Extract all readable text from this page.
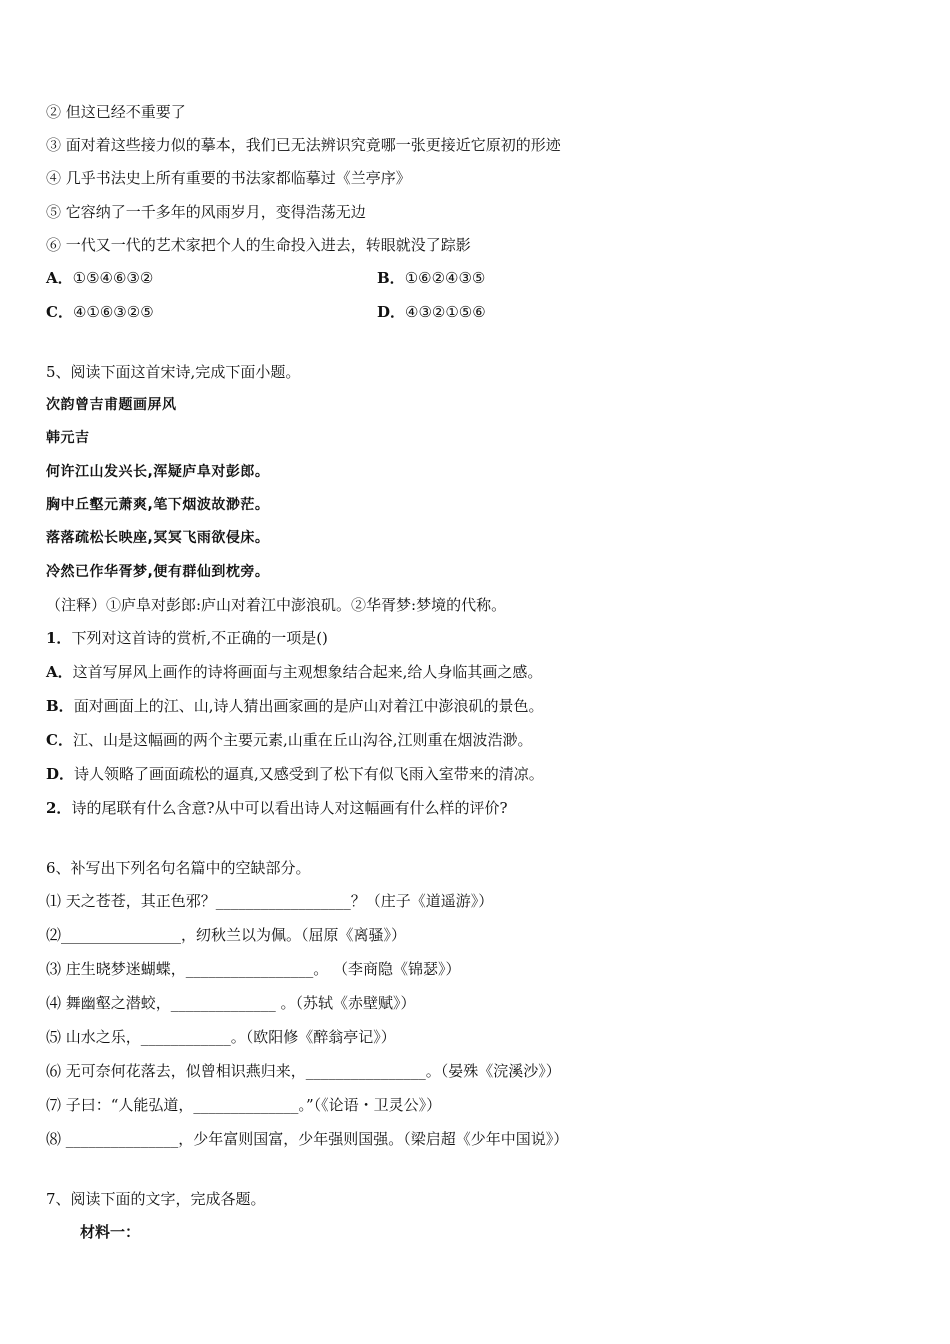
② 但这已经不重要了
③ 面对着这些接力似的摹本，我们已无法辨识究竟哪一张更接近它原初的形迹
④ 几乎书法史上所有重要的书法家都临摹过《兰亭序》
⑤ 它容纳了一千多年的风雨岁月，变得浩荡无边
⑥ 一代又一代的艺术家把个人的生命投入进去，转眼就没了踪影
A．①⑤④⑥③②	B．①⑥②④③⑤
C．④①⑥③②⑤	D．④③②①⑤⑥
5、阅读下面这首宋诗,完成下面小题。
次韵曾吉甫题画屏风
韩元吉
何许江山发兴长,浑疑庐阜对彭郎。
胸中丘壑元萧爽,笔下烟波故渺茫。
落落疏松长映座,冥冥飞雨欲侵床。
冷然已作华胥梦,便有群仙到枕旁。
（注释）①庐阜对彭郎:庐山对着江中澎浪矶。②华胥梦:梦境的代称。
1．下列对这首诗的赏析,不正确的一项是()
A．这首写屏风上画作的诗将画面与主观想象结合起来,给人身临其画之感。
B．面对画面上的江、山,诗人猜出画家画的是庐山对着江中澎浪矶的景色。
C．江、山是这幅画的两个主要元素,山重在丘山沟谷,江则重在烟波浩渺。
D．诗人领略了画面疏松的逼真,又感受到了松下有似飞雨入室带来的清凉。
2．诗的尾联有什么含意?从中可以看出诗人对这幅画有什么样的评价?
6、补写出下列名句名篇中的空缺部分。
⑴ 天之苍苍，其正色邪？__________________？（庄子《道遥游》）
⑵________________，纫秋兰以为佩。（屈原《离骚》）
⑶ 庄生晓梦迷蝴蝶，_________________。 （李商隐《锦瑟》）
⑷ 舞幽壑之潜蛟，______________ 。（苏轼《赤壁赋》）
⑸ 山水之乐，____________。（欧阳修《醉翁亭记》）
⑹ 无可奈何花落去，似曾相识燕归来，________________。（晏殊《浣溪沙》）
⑺ 子曰：“人能弘道，______________。”（《论语・卫灵公》）
⑻ _______________，少年富则国富，少年强则国强。（梁启超《少年中国说》）
7、阅读下面的文字，完成各题。
材料一：
